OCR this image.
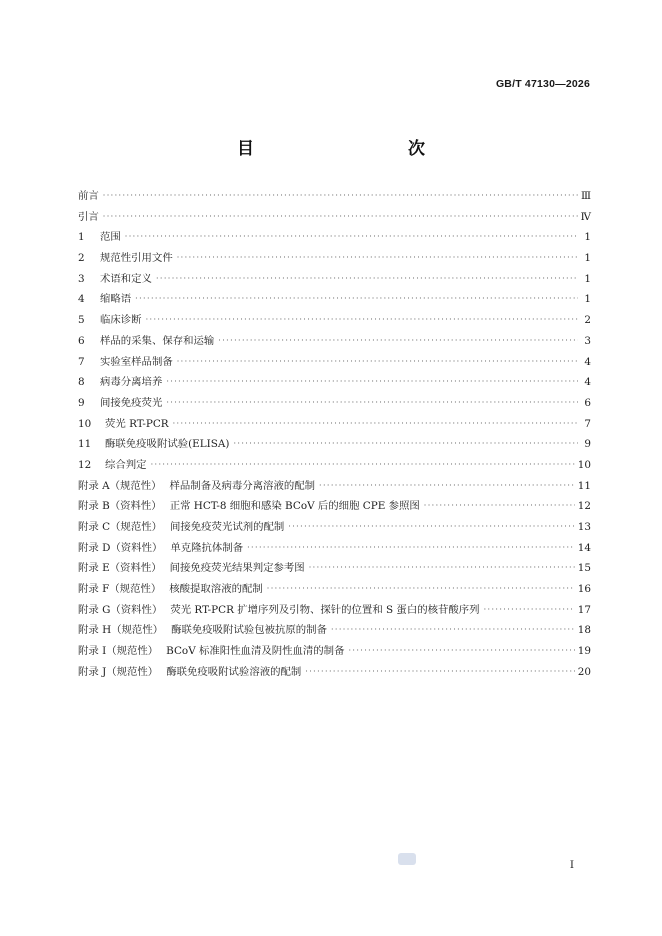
GB/T 47130—2026
目　　次
前言 ·····	Ⅲ
引言 ·····	Ⅳ
1 范围 ·····	1
2 规范性引用文件 ·····	1
3 术语和定义 ·····	1
4 缩略语 ·····	1
5 临床诊断 ·····	2
6 样品的采集、保存和运输 ·····	3
7 实验室样品制备 ·····	4
8 病毒分离培养 ·····	4
9 间接免疫荧光 ·····	6
10 荧光 RT-PCR ·····	7
11 酶联免疫吸附试验(ELISA) ·····	9
12 综合判定 ·····	10
附录 A（规范性） 样品制备及病毒分离溶液的配制 ·····	11
附录 B（资料性） 正常 HCT-8 细胞和感染 BCoV 后的细胞 CPE 参照图 ·····	12
附录 C（规范性） 间接免疫荧光试剂的配制 ·····	13
附录 D（资料性） 单克隆抗体制备 ·····	14
附录 E（资料性） 间接免疫荧光结果判定参考图 ·····	15
附录 F（规范性） 核酸提取溶液的配制 ·····	16
附录 G（资料性） 荧光 RT-PCR 扩增序列及引物、探针的位置和 S 蛋白的核苷酸序列 ·····	17
附录 H（规范性） 酶联免疫吸附试验包被抗原的制备 ·····	18
附录 I（规范性） BCoV 标准阳性血清及阴性血清的制备 ·····	19
附录 J（规范性） 酶联免疫吸附试验溶液的配制 ·····	20
I
